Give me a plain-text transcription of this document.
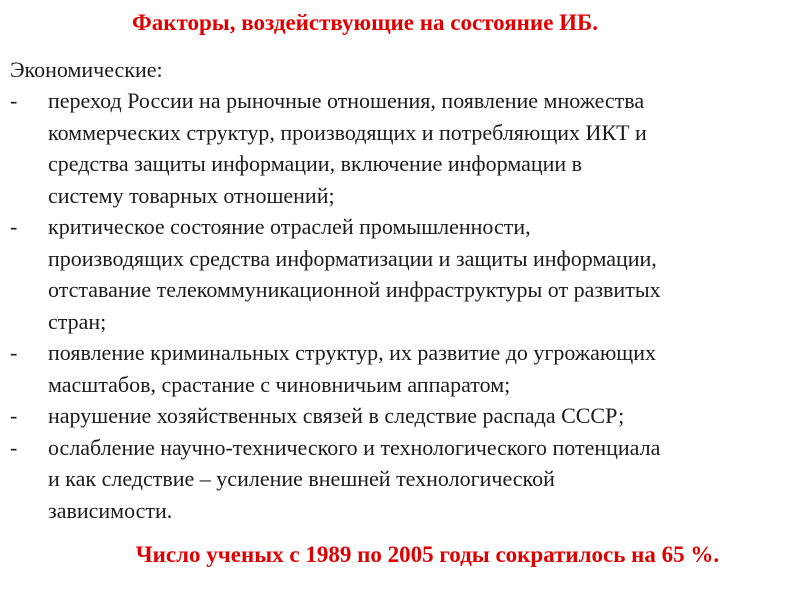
Факторы, воздействующие на состояние ИБ.
Экономические:
- переход России на рыночные отношения, появление множества
коммерческих структур, производящих и потребляющих ИКТ и
средства защиты информации, включение информации в
систему товарных отношений;
- критическое состояние отраслей промышленности,
производящих средства информатизации и защиты информации,
отставание телекоммуникационной инфраструктуры от развитых
стран;
- появление криминальных структур, их развитие до угрожающих
масштабов, срастание с чиновничьим аппаратом;
- нарушение хозяйственных связей в следствие распада СССР;
- ослабление научно-технического и технологического потенциала
и как следствие – усиление внешней технологической
зависимости.
Число ученых с 1989 по 2005 годы сократилось на 65 %.
